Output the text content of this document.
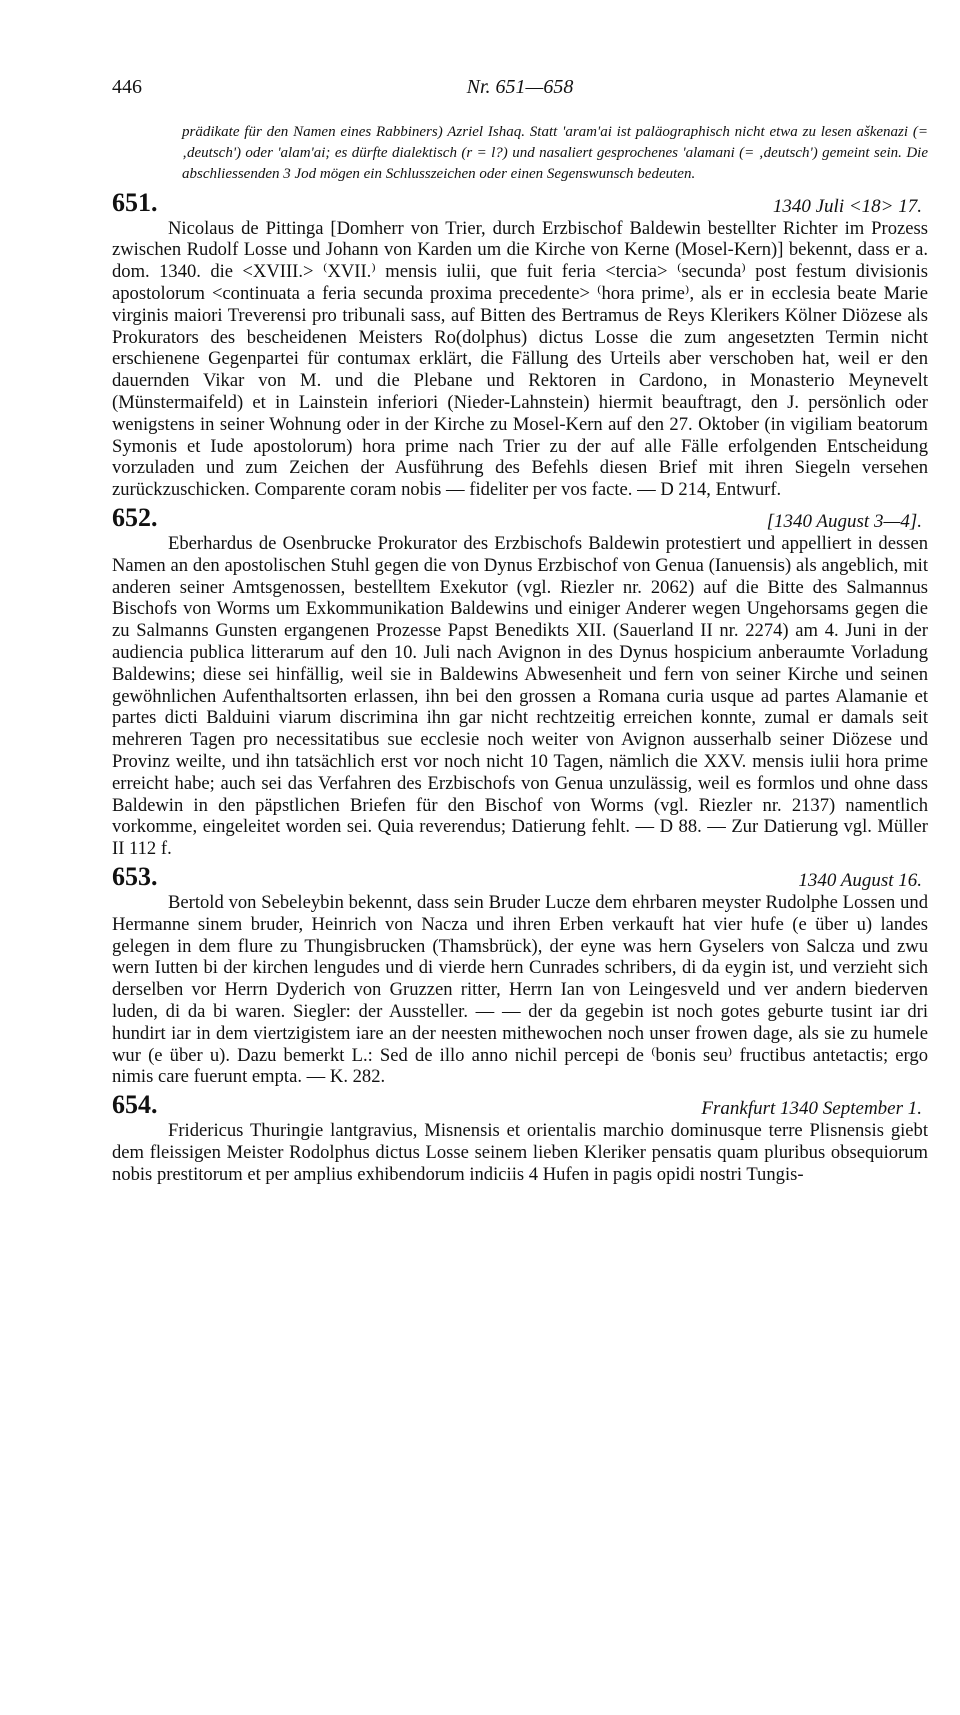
446	Nr. 651—658
prädikate für den Namen eines Rabbiners) Azriel Ishaq. Statt 'aram'ai ist paläographisch nicht etwa zu lesen aškenazi (= ‚deutsch') oder 'alam'ai; es dürfte dialektisch (r = l?) und nasaliert gesprochenes 'alamani (= ‚deutsch') gemeint sein. Die abschliessenden 3 Jod mögen ein Schlusszeichen oder einen Segenswunsch bedeuten.
651.	1340 Juli <18> 17.

Nicolaus de Pittinga [Domherr von Trier, durch Erzbischof Baldewin bestellter Richter im Prozess zwischen Rudolf Losse und Johann von Karden um die Kirche von Kerne (Mosel-Kern)] bekennt, dass er a. dom. 1340. die <XVIII.> ⁽XVII.⁾ mensis iulii, que fuit feria <tercia> ⁽secunda⁾ post festum divisionis apostolorum <continuata a feria secunda proxima precedente> ⁽hora prime⁾, als er in ecclesia beate Marie virginis maiori Treverensi pro tribunali sass, auf Bitten des Bertramus de Reys Klerikers Kölner Diözese als Prokurators des bescheidenen Meisters Ro(dolphus) dictus Losse die zum angesetzten Termin nicht erschienene Gegenpartei für contumax erklärt, die Fällung des Urteils aber verschoben hat, weil er den dauernden Vikar von M. und die Plebane und Rektoren in Cardono, in Monasterio Meynevelt (Münstermaifeld) et in Lainstein inferiori (Nieder-Lahnstein) hiermit beauftragt, den J. persönlich oder wenigstens in seiner Wohnung oder in der Kirche zu Mosel-Kern auf den 27. Oktober (in vigiliam beatorum Symonis et Iude apostolorum) hora prime nach Trier zu der auf alle Fälle erfolgenden Entscheidung vorzuladen und zum Zeichen der Ausführung des Befehls diesen Brief mit ihren Siegeln versehen zurückzuschicken. Comparente coram nobis — fideliter per vos facte. — D 214, Entwurf.

652.	[1340 August 3—4].

Eberhardus de Osenbrucke Prokurator des Erzbischofs Baldewin protestiert und appelliert in dessen Namen an den apostolischen Stuhl gegen die von Dynus Erzbischof von Genua (Ianuensis) als angeblich, mit anderen seiner Amtsgenossen, bestelltem Exekutor (vgl. Riezler nr. 2062) auf die Bitte des Salmannus Bischofs von Worms um Exkommunikation Baldewins und einiger Anderer wegen Ungehorsams gegen die zu Salmanns Gunsten ergangenen Prozesse Papst Benedikts XII. (Sauerland II nr. 2274) am 4. Juni in der audiencia publica litterarum auf den 10. Juli nach Avignon in des Dynus hospicium anberaumte Vorladung Baldewins; diese sei hinfällig, weil sie in Baldewins Abwesenheit und fern von seiner Kirche und seinen gewöhnlichen Aufenthaltsorten erlassen, ihn bei den grossen a Romana curia usque ad partes Alamanie et partes dicti Balduini viarum discrimina ihn gar nicht rechtzeitig erreichen konnte, zumal er damals seit mehreren Tagen pro necessitatibus sue ecclesie noch weiter von Avignon ausserhalb seiner Diözese und Provinz weilte, und ihn tatsächlich erst vor noch nicht 10 Tagen, nämlich die XXV. mensis iulii hora prime erreicht habe; auch sei das Verfahren des Erzbischofs von Genua unzulässig, weil es formlos und ohne dass Baldewin in den päpstlichen Briefen für den Bischof von Worms (vgl. Riezler nr. 2137) namentlich vorkomme, eingeleitet worden sei. Quia reverendus; Datierung fehlt. — D 88. — Zur Datierung vgl. Müller II 112 f.

653.	1340 August 16.

Bertold von Sebeleybin bekennt, dass sein Bruder Lucze dem ehrbaren meyster Rudolphe Lossen und Hermanne sinem bruder, Heinrich von Nacza und ihren Erben verkauft hat vier hufe (e über u) landes gelegen in dem flure zu Thungisbrucken (Thamsbrück), der eyne was hern Gyselers von Salcza und zwu wern Iutten bi der kirchen lengudes und di vierde hern Cunrades schribers, di da eygin ist, und verzieht sich derselben vor Herrn Dyderich von Gruzzen ritter, Herrn Ian von Leingesveld und ver andern biederven luden, di da bi waren. Siegler: der Aussteller. — — der da gegebin ist noch gotes geburte tusint iar dri hundirt iar in dem viertzigistem iare an der neesten mithewochen noch unser frowen dage, als sie zu humele wur (e über u). Dazu bemerkt L.: Sed de illo anno nichil percepi de ⁽bonis seu⁾ fructibus antetactis; ergo nimis care fuerunt empta. — K. 282.

654.	Frankfurt 1340 September 1.

Fridericus Thuringie lantgravius, Misnensis et orientalis marchio dominusque terre Plisnensis giebt dem fleissigen Meister Rodolphus dictus Losse seinem lieben Kleriker pensatis quam pluribus obsequiorum nobis prestitorum et per amplius exhibendorum indiciis 4 Hufen in pagis opidi nostri Tungis-
